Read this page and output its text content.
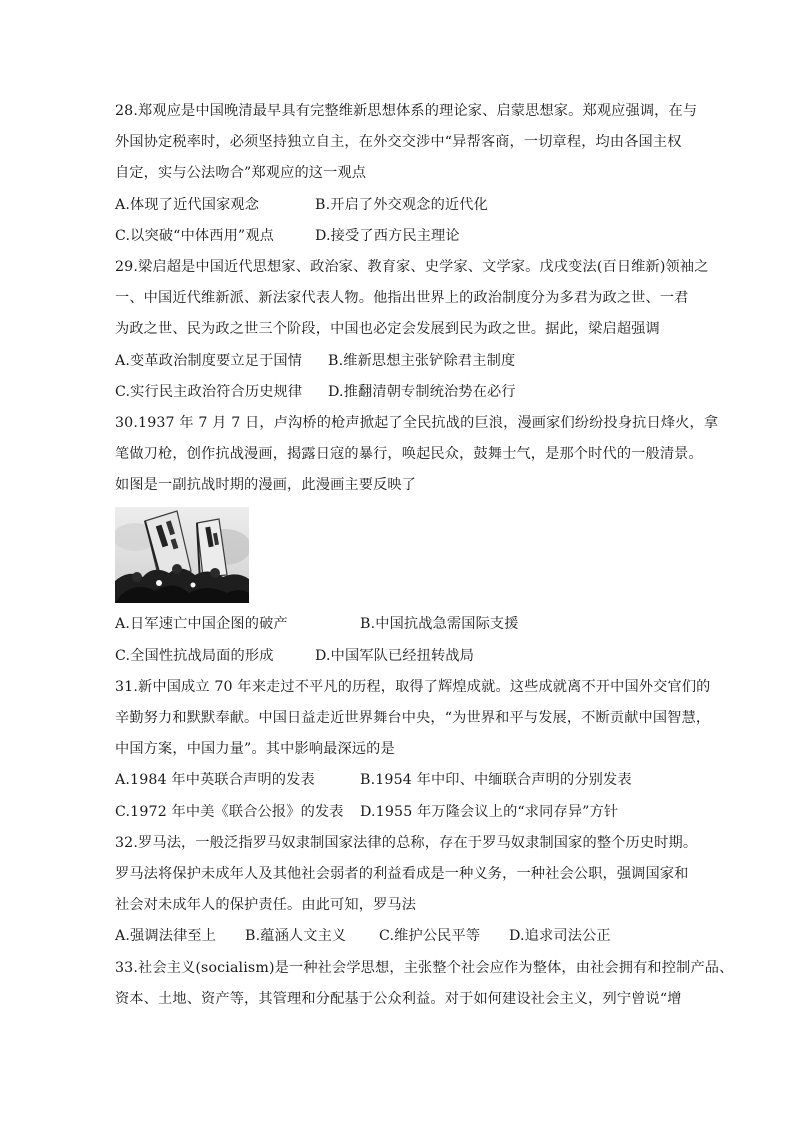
28.郑观应是中国晚清最早具有完整维新思想体系的理论家、启蒙思想家。郑观应强调，在与
外国协定税率时，必须坚持独立自主，在外交交涉中“异帮客商，一切章程，均由各国主权
自定，实与公法吻合”郑观应的这一观点
A.体现了近代国家观念	B.开启了外交观念的近代化
C.以突破“中体西用”观点	D.接受了西方民主理论
29.梁启超是中国近代思想家、政治家、教育家、史学家、文学家。戊戌变法(百日维新)领袖之
一、中国近代维新派、新法家代表人物。他指出世界上的政治制度分为多君为政之世、一君
为政之世、民为政之世三个阶段，中国也必定会发展到民为政之世。据此，梁启超强调
A.变革政治制度要立足于国情	B.维新思想主张铲除君主制度
C.实行民主政治符合历史规律	D.推翻清朝专制统治势在必行
30.1937 年 7 月 7 日，卢沟桥的枪声掀起了全民抗战的巨浪，漫画家们纷纷投身抗日烽火，拿
笔做刀枪，创作抗战漫画，揭露日寇的暴行，唤起民众，鼓舞士气，是那个时代的一般清景。
如图是一副抗战时期的漫画，此漫画主要反映了
A.日军速亡中国企图的破产	B.中国抗战急需国际支援
C.全国性抗战局面的形成	D.中国军队已经扭转战局
31.新中国成立 70 年来走过不平凡的历程，取得了辉煌成就。这些成就离不开中国外交官们的
辛勤努力和默默奉献。中国日益走近世界舞台中央，“为世界和平与发展，不断贡献中国智慧，
中国方案，中国力量”。其中影响最深远的是
A.1984 年中英联合声明的发表	B.1954 年中印、中缅联合声明的分别发表
C.1972 年中美《联合公报》的发表	D.1955 年万隆会议上的“求同存异”方针
32.罗马法，一般泛指罗马奴隶制国家法律的总称，存在于罗马奴隶制国家的整个历史时期。
罗马法将保护未成年人及其他社会弱者的利益看成是一种义务，一种社会公职，强调国家和
社会对未成年人的保护责任。由此可知，罗马法
A.强调法律至上	B.蕴涵人文主义	C.维护公民平等	D.追求司法公正
33.社会主义(socialism)是一种社会学思想，主张整个社会应作为整体，由社会拥有和控制产品、
资本、土地、资产等，其管理和分配基于公众利益。对于如何建设社会主义，列宁曾说“增
